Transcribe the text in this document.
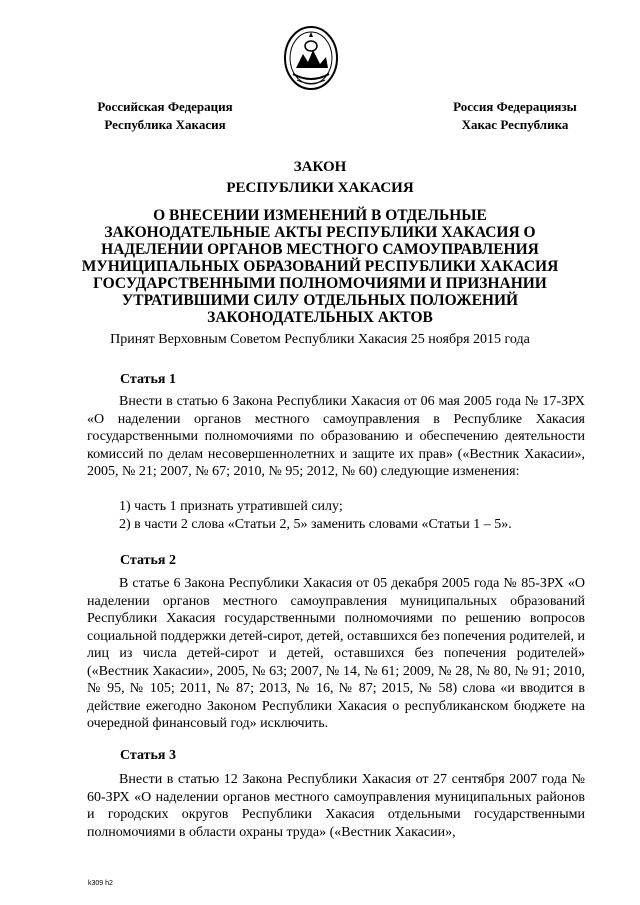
Российская Федерация
Республика Хакасия
Россия Федерациязы
Хакас Республика
ЗАКОН
РЕСПУБЛИКИ ХАКАСИЯ
О ВНЕСЕНИИ ИЗМЕНЕНИЙ В ОТДЕЛЬНЫЕ ЗАКОНОДАТЕЛЬНЫЕ АКТЫ РЕСПУБЛИКИ ХАКАСИЯ О НАДЕЛЕНИИ ОРГАНОВ МЕСТНОГО САМОУПРАВЛЕНИЯ МУНИЦИПАЛЬНЫХ ОБРАЗОВАНИЙ РЕСПУБЛИКИ ХАКАСИЯ ГОСУДАРСТВЕННЫМИ ПОЛНОМОЧИЯМИ И ПРИЗНАНИИ УТРАТИВШИМИ СИЛУ ОТДЕЛЬНЫХ ПОЛОЖЕНИЙ ЗАКОНОДАТЕЛЬНЫХ АКТОВ
Принят Верховным Советом Республики Хакасия 25 ноября 2015 года
Статья 1
Внести в статью 6 Закона Республики Хакасия от 06 мая 2005 года № 17-ЗРХ «О наделении органов местного самоуправления в Республике Хакасия государственными полномочиями по образованию и обеспечению деятельности комиссий по делам несовершеннолетних и защите их прав» («Вестник Хакасии», 2005, № 21; 2007, № 67; 2010, № 95; 2012, № 60) следующие изменения:
1) часть 1 признать утратившей силу;
2) в части 2 слова «Статьи 2, 5» заменить словами «Статьи 1 – 5».
Статья 2
В статье 6 Закона Республики Хакасия от 05 декабря 2005 года № 85-ЗРХ «О наделении органов местного самоуправления муниципальных образований Республики Хакасия государственными полномочиями по решению вопросов социальной поддержки детей-сирот, детей, оставшихся без попечения родителей, и лиц из числа детей-сирот и детей, оставшихся без попечения родителей» («Вестник Хакасии», 2005, № 63; 2007, № 14, № 61; 2009, № 28, № 80, № 91; 2010, № 95, № 105; 2011, № 87; 2013, № 16, № 87; 2015, № 58) слова «и вводится в действие ежегодно Законом Республики Хакасия о республиканском бюджете на очередной финансовый год» исключить.
Статья 3
Внести в статью 12 Закона Республики Хакасия от 27 сентября 2007 года № 60-ЗРХ «О наделении органов местного самоуправления муниципальных районов и городских округов Республики Хакасия отдельными государственными полномочиями в области охраны труда» («Вестник Хакасии»,
k309 h2
